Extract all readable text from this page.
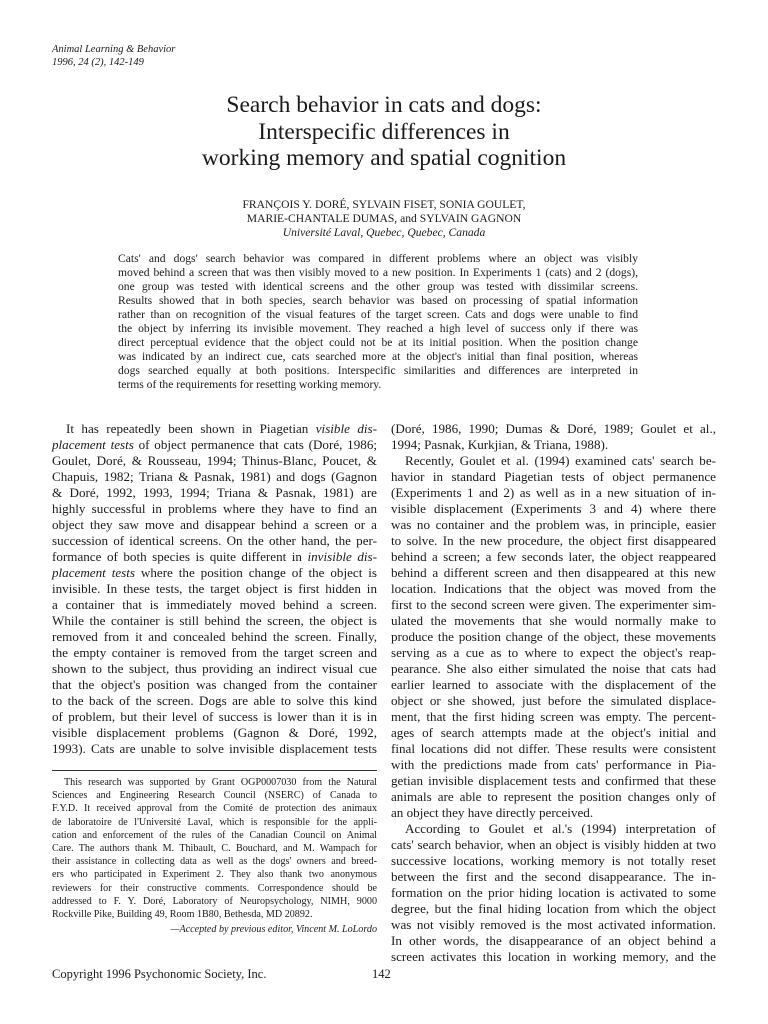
Animal Learning & Behavior
1996, 24 (2), 142-149
Search behavior in cats and dogs:
Interspecific differences in
working memory and spatial cognition
FRANÇOIS Y. DORÉ, SYLVAIN FISET, SONIA GOULET,
MARIE-CHANTALE DUMAS, and SYLVAIN GAGNON
Université Laval, Quebec, Quebec, Canada
Cats' and dogs' search behavior was compared in different problems where an object was visibly
moved behind a screen that was then visibly moved to a new position. In Experiments 1 (cats) and 2 (dogs),
one group was tested with identical screens and the other group was tested with dissimilar screens.
Results showed that in both species, search behavior was based on processing of spatial information
rather than on recognition of the visual features of the target screen. Cats and dogs were unable to find
the object by inferring its invisible movement. They reached a high level of success only if there was
direct perceptual evidence that the object could not be at its initial position. When the position change
was indicated by an indirect cue, cats searched more at the object's initial than final position, whereas
dogs searched equally at both positions. Interspecific similarities and differences are interpreted in
terms of the requirements for resetting working memory.
It has repeatedly been shown in Piagetian visible dis-
placement tests of object permanence that cats (Doré, 1986;
Goulet, Doré, & Rousseau, 1994; Thinus-Blanc, Poucet, &
Chapuis, 1982; Triana & Pasnak, 1981) and dogs (Gagnon
& Doré, 1992, 1993, 1994; Triana & Pasnak, 1981) are
highly successful in problems where they have to find an
object they saw move and disappear behind a screen or a
succession of identical screens. On the other hand, the per-
formance of both species is quite different in invisible dis-
placement tests where the position change of the object is
invisible. In these tests, the target object is first hidden in
a container that is immediately moved behind a screen.
While the container is still behind the screen, the object is
removed from it and concealed behind the screen. Finally,
the empty container is removed from the target screen and
shown to the subject, thus providing an indirect visual cue
that the object's position was changed from the container
to the back of the screen. Dogs are able to solve this kind
of problem, but their level of success is lower than it is in
visible displacement problems (Gagnon & Doré, 1992,
1993). Cats are unable to solve invisible displacement tests
(Doré, 1986, 1990; Dumas & Doré, 1989; Goulet et al.,
1994; Pasnak, Kurkjian, & Triana, 1988).
Recently, Goulet et al. (1994) examined cats' search be-
havior in standard Piagetian tests of object permanence
(Experiments 1 and 2) as well as in a new situation of in-
visible displacement (Experiments 3 and 4) where there
was no container and the problem was, in principle, easier
to solve. In the new procedure, the object first disappeared
behind a screen; a few seconds later, the object reappeared
behind a different screen and then disappeared at this new
location. Indications that the object was moved from the
first to the second screen were given. The experimenter sim-
ulated the movements that she would normally make to
produce the position change of the object, these movements
serving as a cue as to where to expect the object's reap-
pearance. She also either simulated the noise that cats had
earlier learned to associate with the displacement of the
object or she showed, just before the simulated displace-
ment, that the first hiding screen was empty. The percent-
ages of search attempts made at the object's initial and
final locations did not differ. These results were consistent
with the predictions made from cats' performance in Pia-
getian invisible displacement tests and confirmed that these
animals are able to represent the position changes only of
an object they have directly perceived.
According to Goulet et al.'s (1994) interpretation of
cats' search behavior, when an object is visibly hidden at two
successive locations, working memory is not totally reset
between the first and the second disappearance. The in-
formation on the prior hiding location is activated to some
degree, but the final hiding location from which the object
was not visibly removed is the most activated information.
In other words, the disappearance of an object behind a
screen activates this location in working memory, and the
This research was supported by Grant OGP0007030 from the Natural
Sciences and Engineering Research Council (NSERC) of Canada to
F.Y.D. It received approval from the Comité de protection des animaux
de laboratoire de l'Université Laval, which is responsible for the appli-
cation and enforcement of the rules of the Canadian Council on Animal
Care. The authors thank M. Thibault, C. Bouchard, and M. Wampach for
their assistance in collecting data as well as the dogs' owners and breed-
ers who participated in Experiment 2. They also thank two anonymous
reviewers for their constructive comments. Correspondence should be
addressed to F. Y. Doré, Laboratory of Neuropsychology, NIMH, 9000
Rockville Pike, Building 49, Room 1B80, Bethesda, MD 20892.
—Accepted by previous editor, Vincent M. LoLordo
Copyright 1996 Psychonomic Society, Inc.	142
